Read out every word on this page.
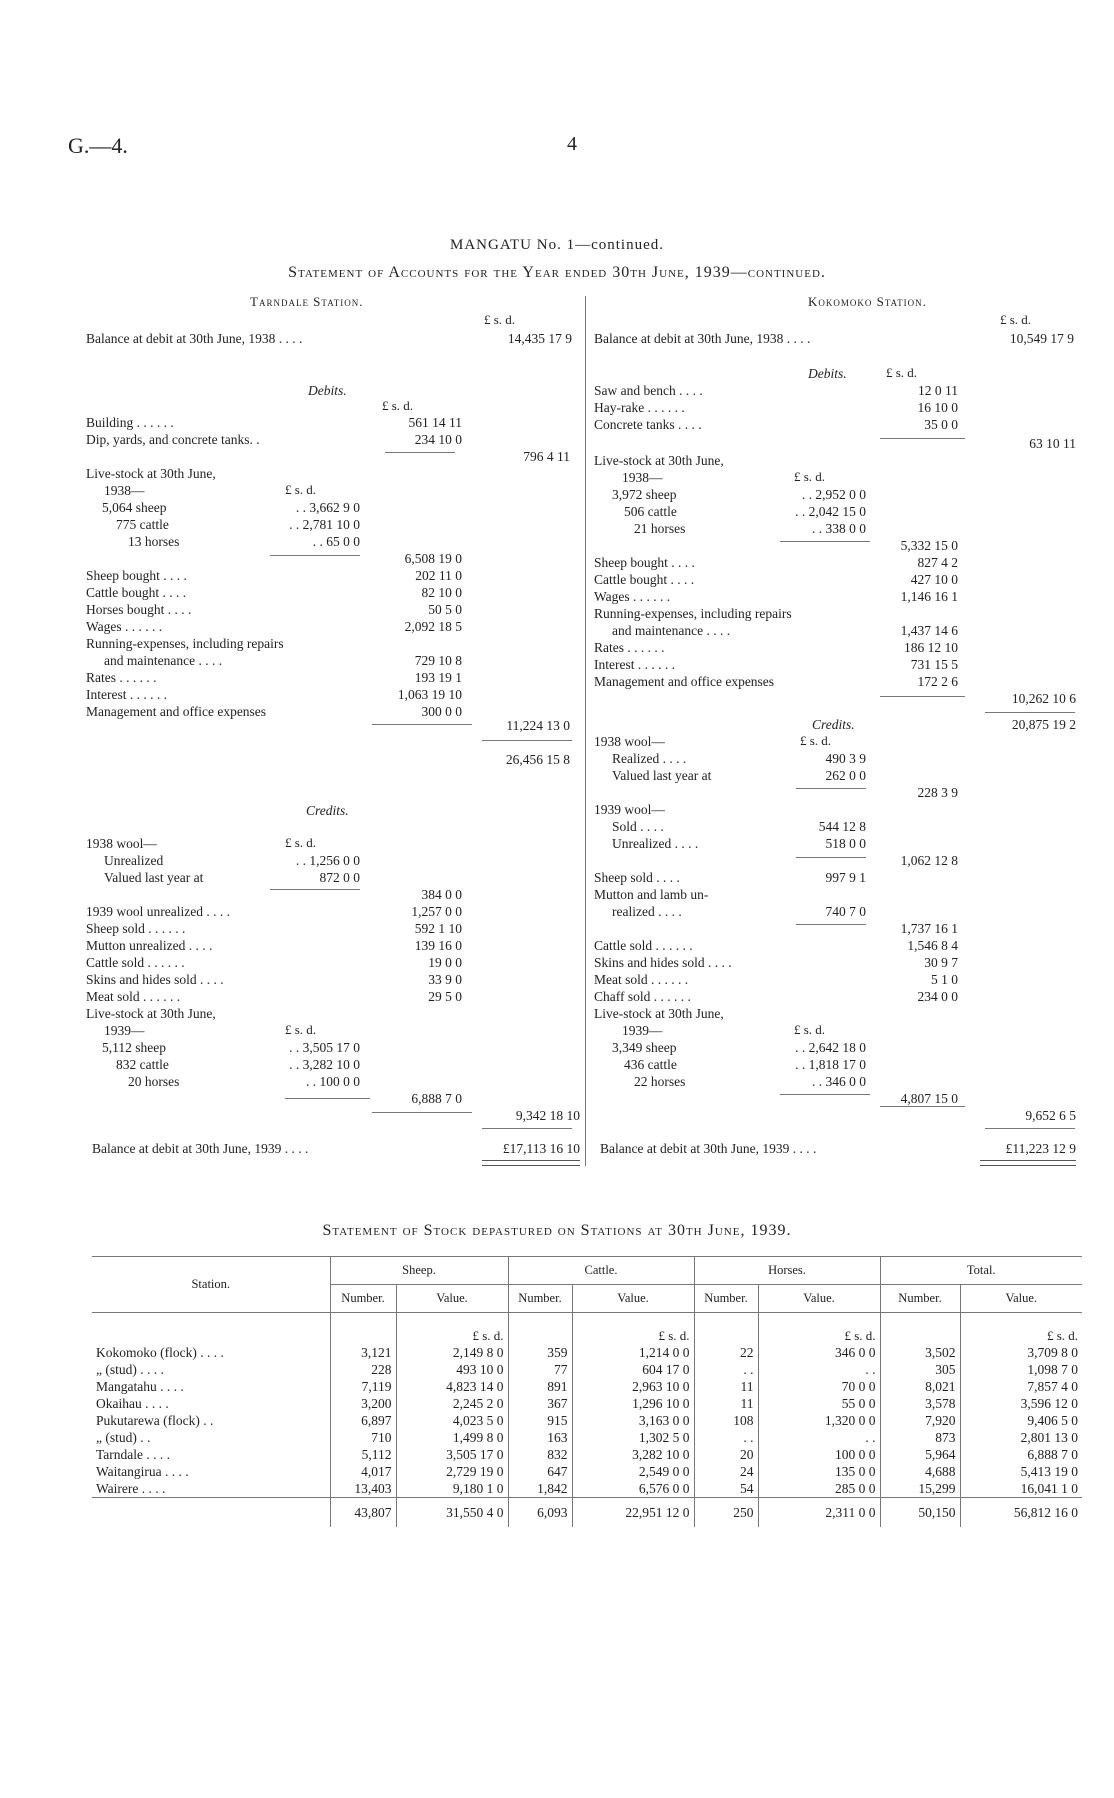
G.—4.	4
MANGATU No. 1—continued.
Statement of Accounts for the Year ended 30th June, 1939—continued.
Tarndale Station.
£ s. d.
Balance at debit at 30th June, 1938 . . . .	14,435 17 9
Debits.
£ s. d.
Building . . . . . .	561 14 11
Dip, yards, and concrete tanks. .	234 10 0
796 4 11
Live-stock at 30th June,
1938—	£ s. d.
5,064 sheep	. . 3,662 9 0
775 cattle	. . 2,781 10 0
13 horses	. . 65 0 0
6,508 19 0
Sheep bought . . . .	202 11 0
Cattle bought . . . .	82 10 0
Horses bought . . . .	50 5 0
Wages . . . . . .	2,092 18 5
Running-expenses, including repairs
and maintenance . . . .	729 10 8
Rates . . . . . .	193 19 1
Interest . . . . . .	1,063 19 10
Management and office expenses	300 0 0
11,224 13 0
26,456 15 8
Credits.
1938 wool—	£ s. d.
Unrealized	. . 1,256 0 0
Valued last year at	872 0 0
384 0 0
1939 wool unrealized . . . .	1,257 0 0
Sheep sold . . . . . .	592 1 10
Mutton unrealized . . . .	139 16 0
Cattle sold . . . . . .	19 0 0
Skins and hides sold . . . .	33 9 0
Meat sold . . . . . .	29 5 0
Live-stock at 30th June,
1939—	£ s. d.
5,112 sheep	. . 3,505 17 0
832 cattle	. . 3,282 10 0
20 horses	. . 100 0 0
6,888 7 0
9,342 18 10
Balance at debit at 30th June, 1939 . . . .	£17,113 16 10
Kokomoko Station.
£ s. d.
Balance at debit at 30th June, 1938 . . . .	10,549 17 9
Debits.	£ s. d.
Saw and bench . . . .	12 0 11
Hay-rake . . . . . .	16 10 0
Concrete tanks . . . .	35 0 0
63 10 11
Live-stock at 30th June,
1938—	£ s. d.
3,972 sheep	. . 2,952 0 0
506 cattle	. . 2,042 15 0
21 horses	. . 338 0 0
5,332 15 0
Sheep bought . . . .	827 4 2
Cattle bought . . . .	427 10 0
Wages . . . . . .	1,146 16 1
Running-expenses, including repairs
and maintenance . . . .	1,437 14 6
Rates . . . . . .	186 12 10
Interest . . . . . .	731 15 5
Management and office expenses	172 2 6
10,262 10 6
20,875 19 2
Credits.
£ s. d.
1938 wool—
Realized . . . .	490 3 9
Valued last year at	262 0 0
228 3 9
1939 wool—
Sold . . . .	544 12 8
Unrealized . . . .	518 0 0
1,062 12 8
Sheep sold . . . .	997 9 1
Mutton and lamb un-
realized . . . .	740 7 0
1,737 16 1
Cattle sold . . . . . .	1,546 8 4
Skins and hides sold . . . .	30 9 7
Meat sold . . . . . .	5 1 0
Chaff sold . . . . . .	234 0 0
Live-stock at 30th June,
1939—	£ s. d.
3,349 sheep	. . 2,642 18 0
436 cattle	. . 1,818 17 0
22 horses	. . 346 0 0
4,807 15 0
9,652 6 5
Balance at debit at 30th June, 1939 . . . .	£11,223 12 9
Statement of Stock depastured on Stations at 30th June, 1939.

Station.	Sheep.		Cattle.		Horses.		Total.	
	Number.	Value.	Number.	Value.	Number.	Value.	Number.	Value.
		£ s. d.		£ s. d.		£ s. d.		£ s. d.
Kokomoko (flock) . . . .	3,121	2,149 8 0	359	1,214 0 0	22	346 0 0	3,502	3,709 8 0
„ (stud) . . . .	228	493 10 0	77	604 17 0	. .	. .	305	1,098 7 0
Mangatahu . . . .	7,119	4,823 14 0	891	2,963 10 0	11	70 0 0	8,021	7,857 4 0
Okaihau . . . .	3,200	2,245 2 0	367	1,296 10 0	11	55 0 0	3,578	3,596 12 0
Pukutarewa (flock) . .	6,897	4,023 5 0	915	3,163 0 0	108	1,320 0 0	7,920	9,406 5 0
„ (stud) . .	710	1,499 8 0	163	1,302 5 0	. .	. .	873	2,801 13 0
Tarndale . . . .	5,112	3,505 17 0	832	3,282 10 0	20	100 0 0	5,964	6,888 7 0
Waitangirua . . . .	4,017	2,729 19 0	647	2,549 0 0	24	135 0 0	4,688	5,413 19 0
Wairere . . . .	13,403	9,180 1 0	1,842	6,576 0 0	54	285 0 0	15,299	16,041 1 0
	43,807	31,550 4 0	6,093	22,951 12 0	250	2,311 0 0	50,150	56,812 16 0
